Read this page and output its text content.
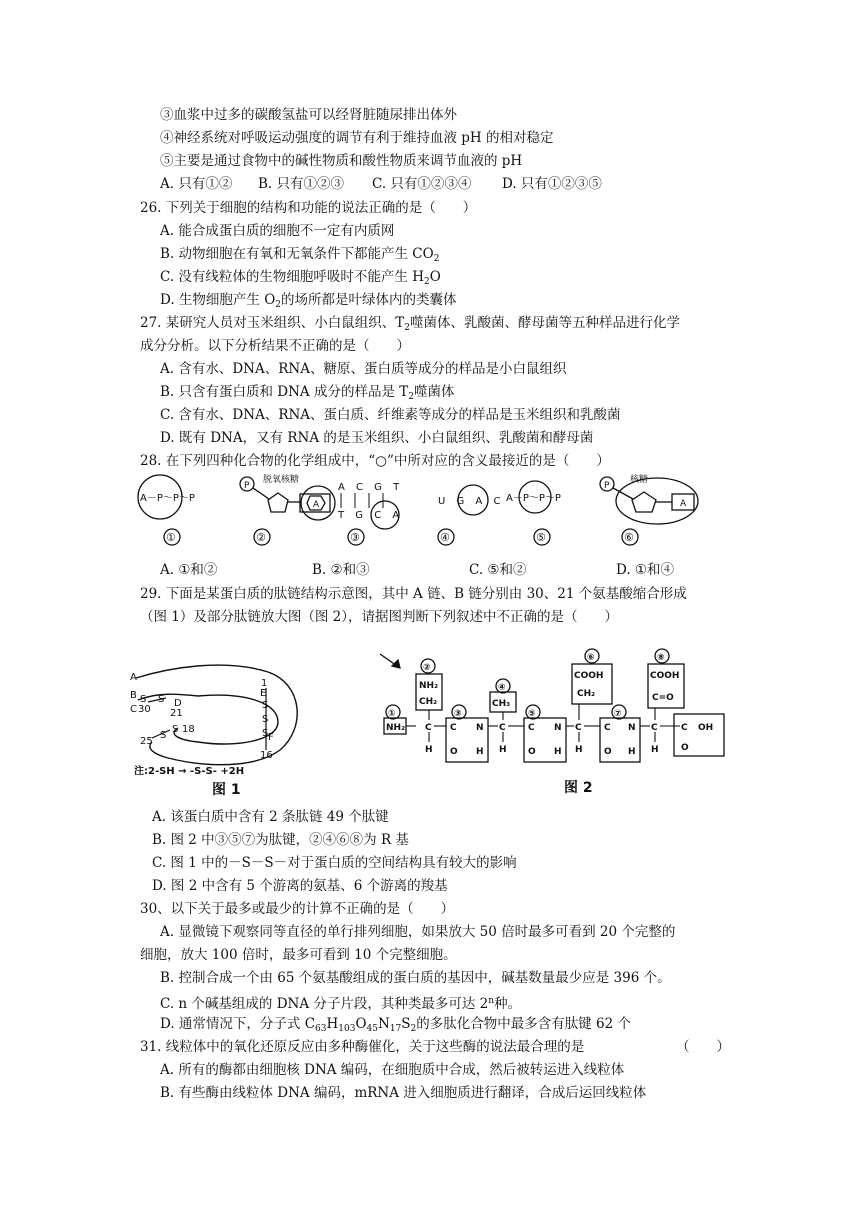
③血浆中过多的碳酸氢盐可以经肾脏随尿排出体外
④神经系统对呼吸运动强度的调节有利于维持血液 pH 的相对稳定
⑤主要是通过食物中的碱性物质和酸性物质来调节血液的 pH
A. 只有①② B. 只有①②③ C. 只有①②③④ D. 只有①②③⑤
26. 下列关于细胞的结构和功能的说法正确的是（　　）
A. 能合成蛋白质的细胞不一定有内质网
B. 动物细胞在有氧和无氧条件下都能产生 $CO_2$
C. 没有线粒体的生物细胞呼吸时不能产生 $H_2O$
D. 生物细胞产生 $O_2$的场所都是叶绿体内的类囊体
27. 某研究人员对玉米组织、小白鼠组织、$T_2$噬菌体、乳酸菌、酵母菌等五种样品进行化学
成分分析。以下分析结果不正确的是（　　）
A. 含有水、DNA、RNA、糖原、蛋白质等成分的样品是小白鼠组织
B. 只含有蛋白质和 DNA 成分的样品是 $T_2$噬菌体
C. 含有水、DNA、RNA、蛋白质、纤维素等成分的样品是玉米组织和乳酸菌
D. 既有 DNA，又有 RNA 的是玉米组织、小白鼠组织、乳酸菌和酵母菌
28. 在下列四种化合物的化学组成中，“○”中所对应的含义最接近的是（　　）
A－P～P～P
P
脱氧核糖
A
A C G T
T G C A
U G A C A－P～P～P
P
核糖
A
①	②	③	④	⑤	⑥
A. ①和②	B. ②和③	C. ⑤和②	D. ①和④
29. 下面是某蛋白质的肽链结构示意图，其中 A 链、B 链分别由 30、21 个氨基酸缩合形成
（图 1）及部分肽链放大图（图 2），请据图判断下列叙述中不正确的是（　　）
A
B S S
C 30
D
21
18
25
S
S
1
E
S
S
S F
16
注:2-SH → -S-S- +2H
图 1
①
②
③
④
⑤
⑥
⑦
⑧
NH₂
NH₂
CH₂	CH₃
COOH
CH₂
COOH
C=O
C
H
C N
O H
C
H
C N
O H
C
H
C N
O H
C
H
C OH
O
图 2
A. 该蛋白质中含有 2 条肽链 49 个肽键
B. 图 2 中③⑤⑦为肽键，②④⑥⑧为 R 基
C. 图 1 中的－S－S－对于蛋白质的空间结构具有较大的影响
D. 图 2 中含有 5 个游离的氨基、6 个游离的羧基
30、以下关于最多或最少的计算不正确的是（　　）
A. 显微镜下观察同等直径的单行排列细胞，如果放大 50 倍时最多可看到 20 个完整的
细胞，放大 100 倍时，最多可看到 10 个完整细胞。
B. 控制合成一个由 65 个氨基酸组成的蛋白质的基因中，碱基数量最少应是 396 个。
C. n 个碱基组成的 DNA 分子片段，其种类最多可达 2$^n$种。
D. 通常情况下，分子式 $C_{63}H_{103}O_{45}N_{17}S_2$的多肽化合物中最多含有肽键 62 个
31. 线粒体中的氧化还原反应由多种酶催化，关于这些酶的说法最合理的是	（　　）
A. 所有的酶都由细胞核 DNA 编码，在细胞质中合成，然后被转运进入线粒体
B. 有些酶由线粒体 DNA 编码，mRNA 进入细胞质进行翻译，合成后运回线粒体
